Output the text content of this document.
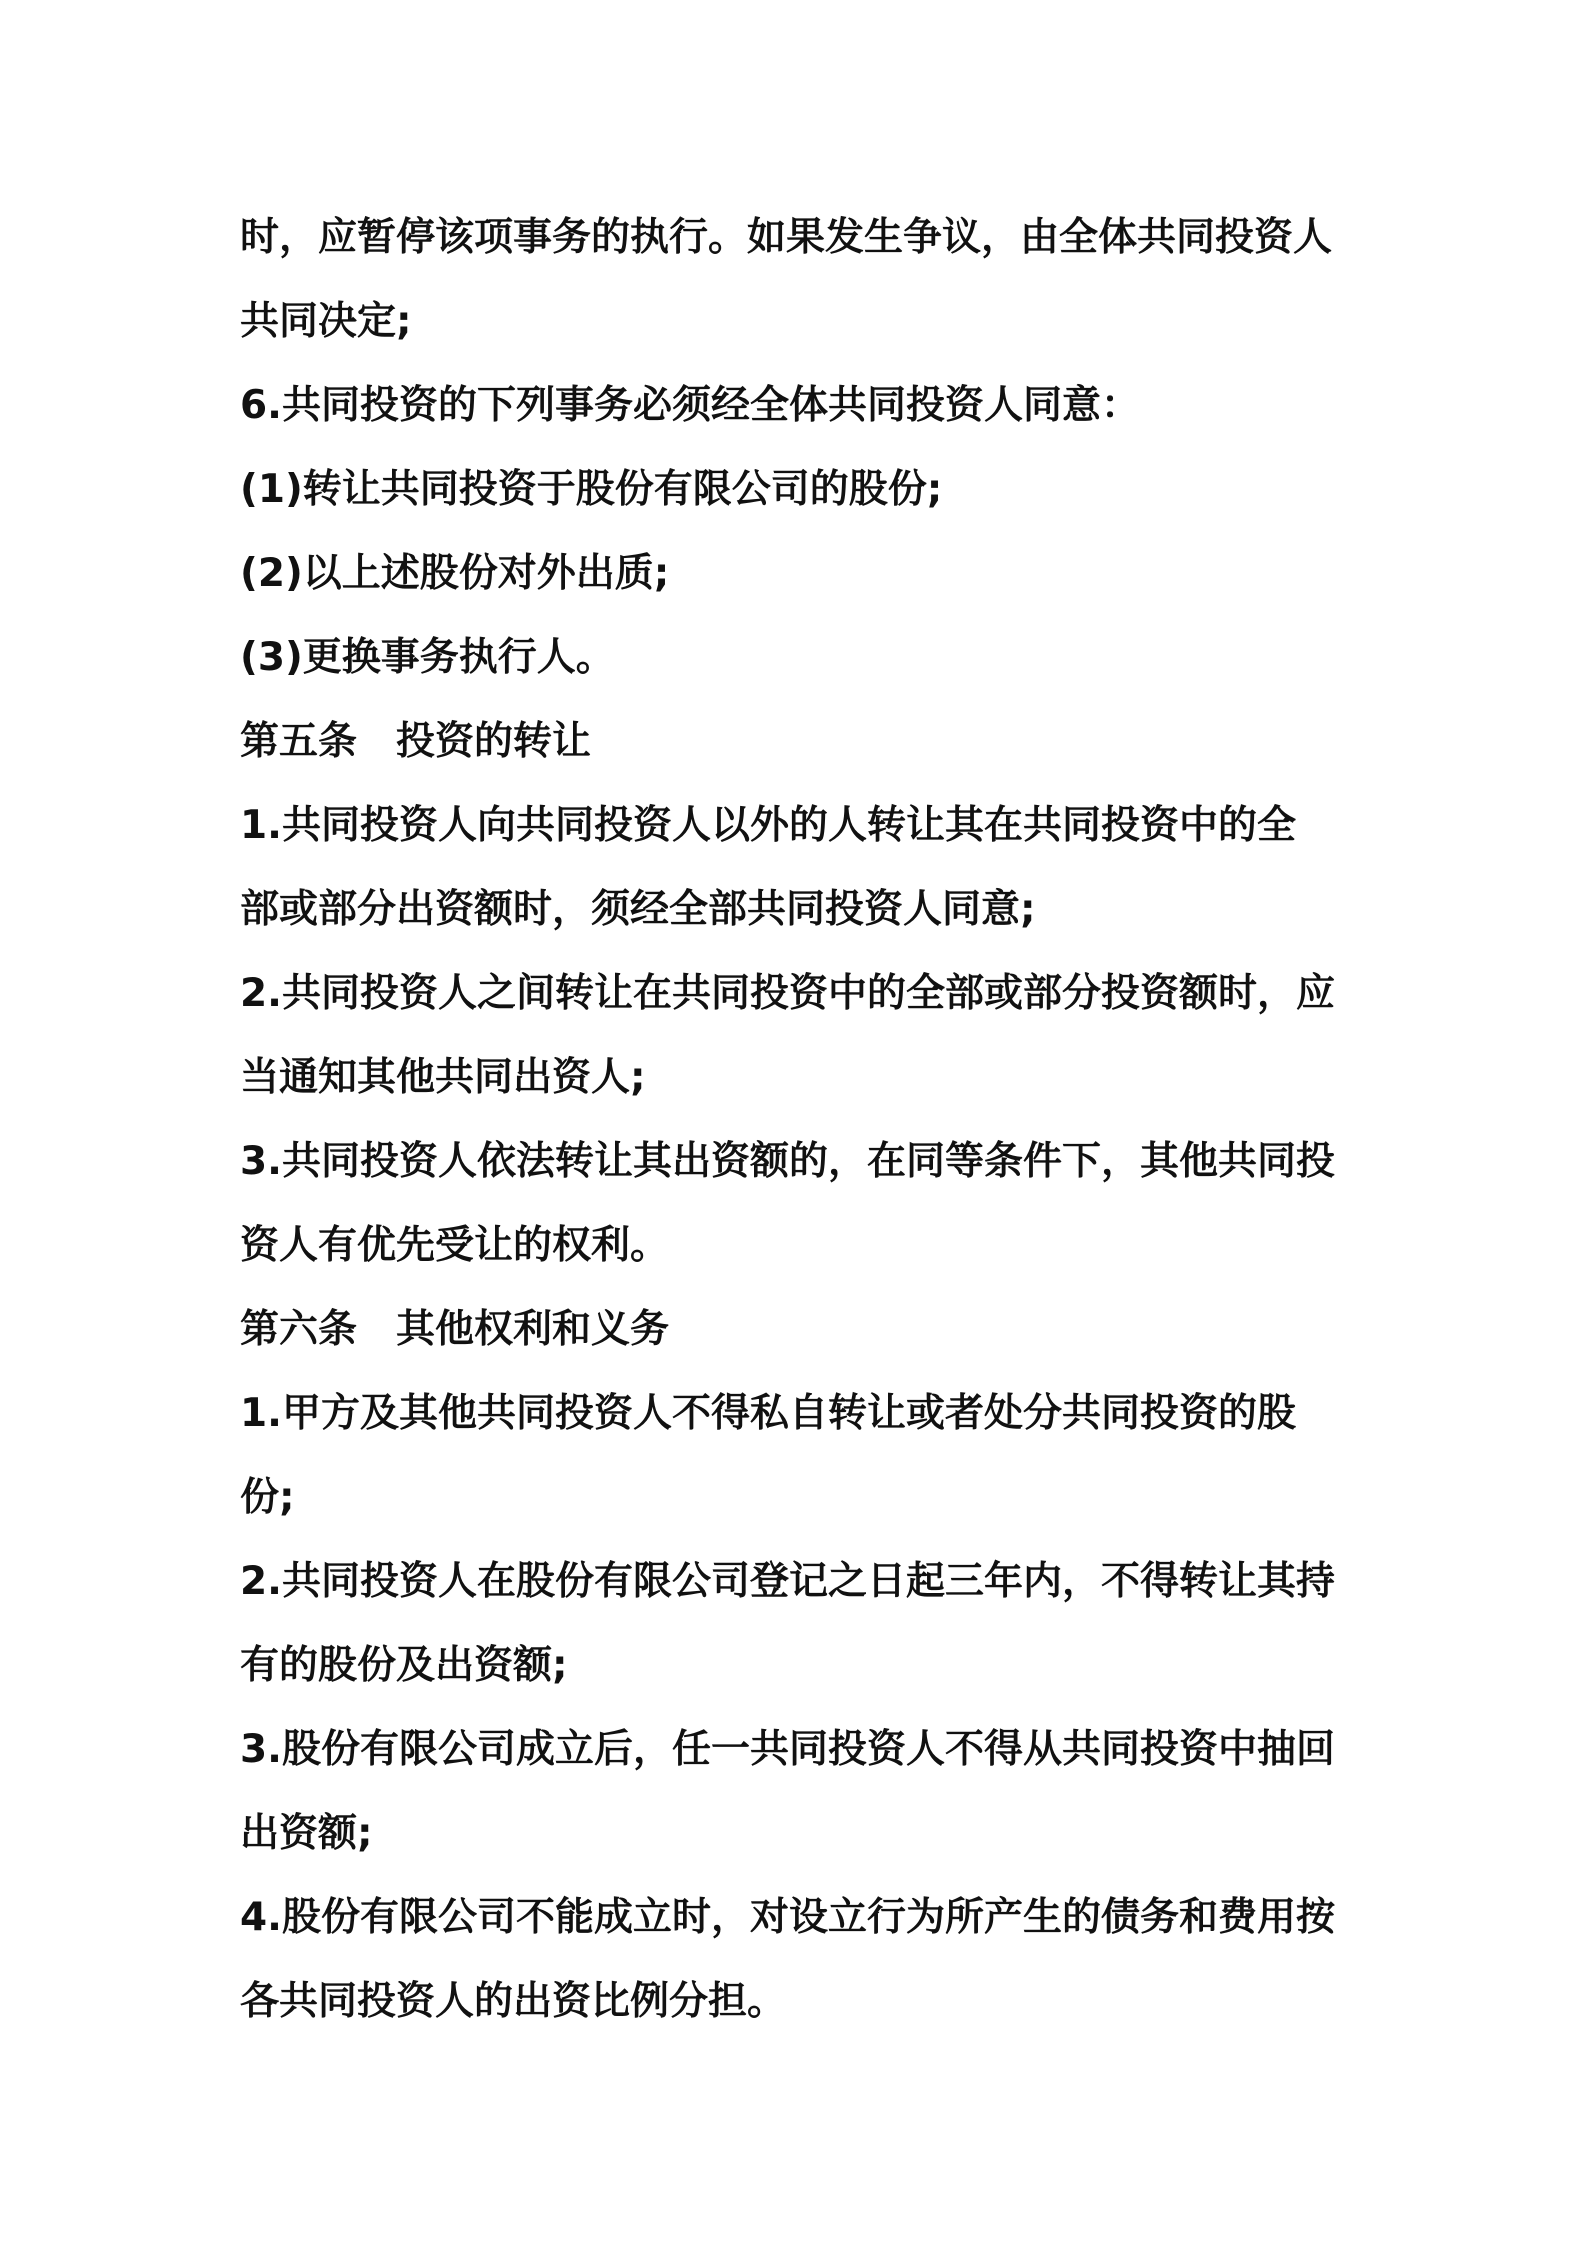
时，应暂停该项事务的执行。如果发生争议，由全体共同投资人
共同决定;
6.共同投资的下列事务必须经全体共同投资人同意：
(1)转让共同投资于股份有限公司的股份;
(2)以上述股份对外出质;
(3)更换事务执行人。
第五条　投资的转让
1.共同投资人向共同投资人以外的人转让其在共同投资中的全
部或部分出资额时，须经全部共同投资人同意;
2.共同投资人之间转让在共同投资中的全部或部分投资额时，应
当通知其他共同出资人;
3.共同投资人依法转让其出资额的，在同等条件下，其他共同投
资人有优先受让的权利。
第六条　其他权利和义务
1.甲方及其他共同投资人不得私自转让或者处分共同投资的股
份;
2.共同投资人在股份有限公司登记之日起三年内，不得转让其持
有的股份及出资额;
3.股份有限公司成立后，任一共同投资人不得从共同投资中抽回
出资额;
4.股份有限公司不能成立时，对设立行为所产生的债务和费用按
各共同投资人的出资比例分担。
